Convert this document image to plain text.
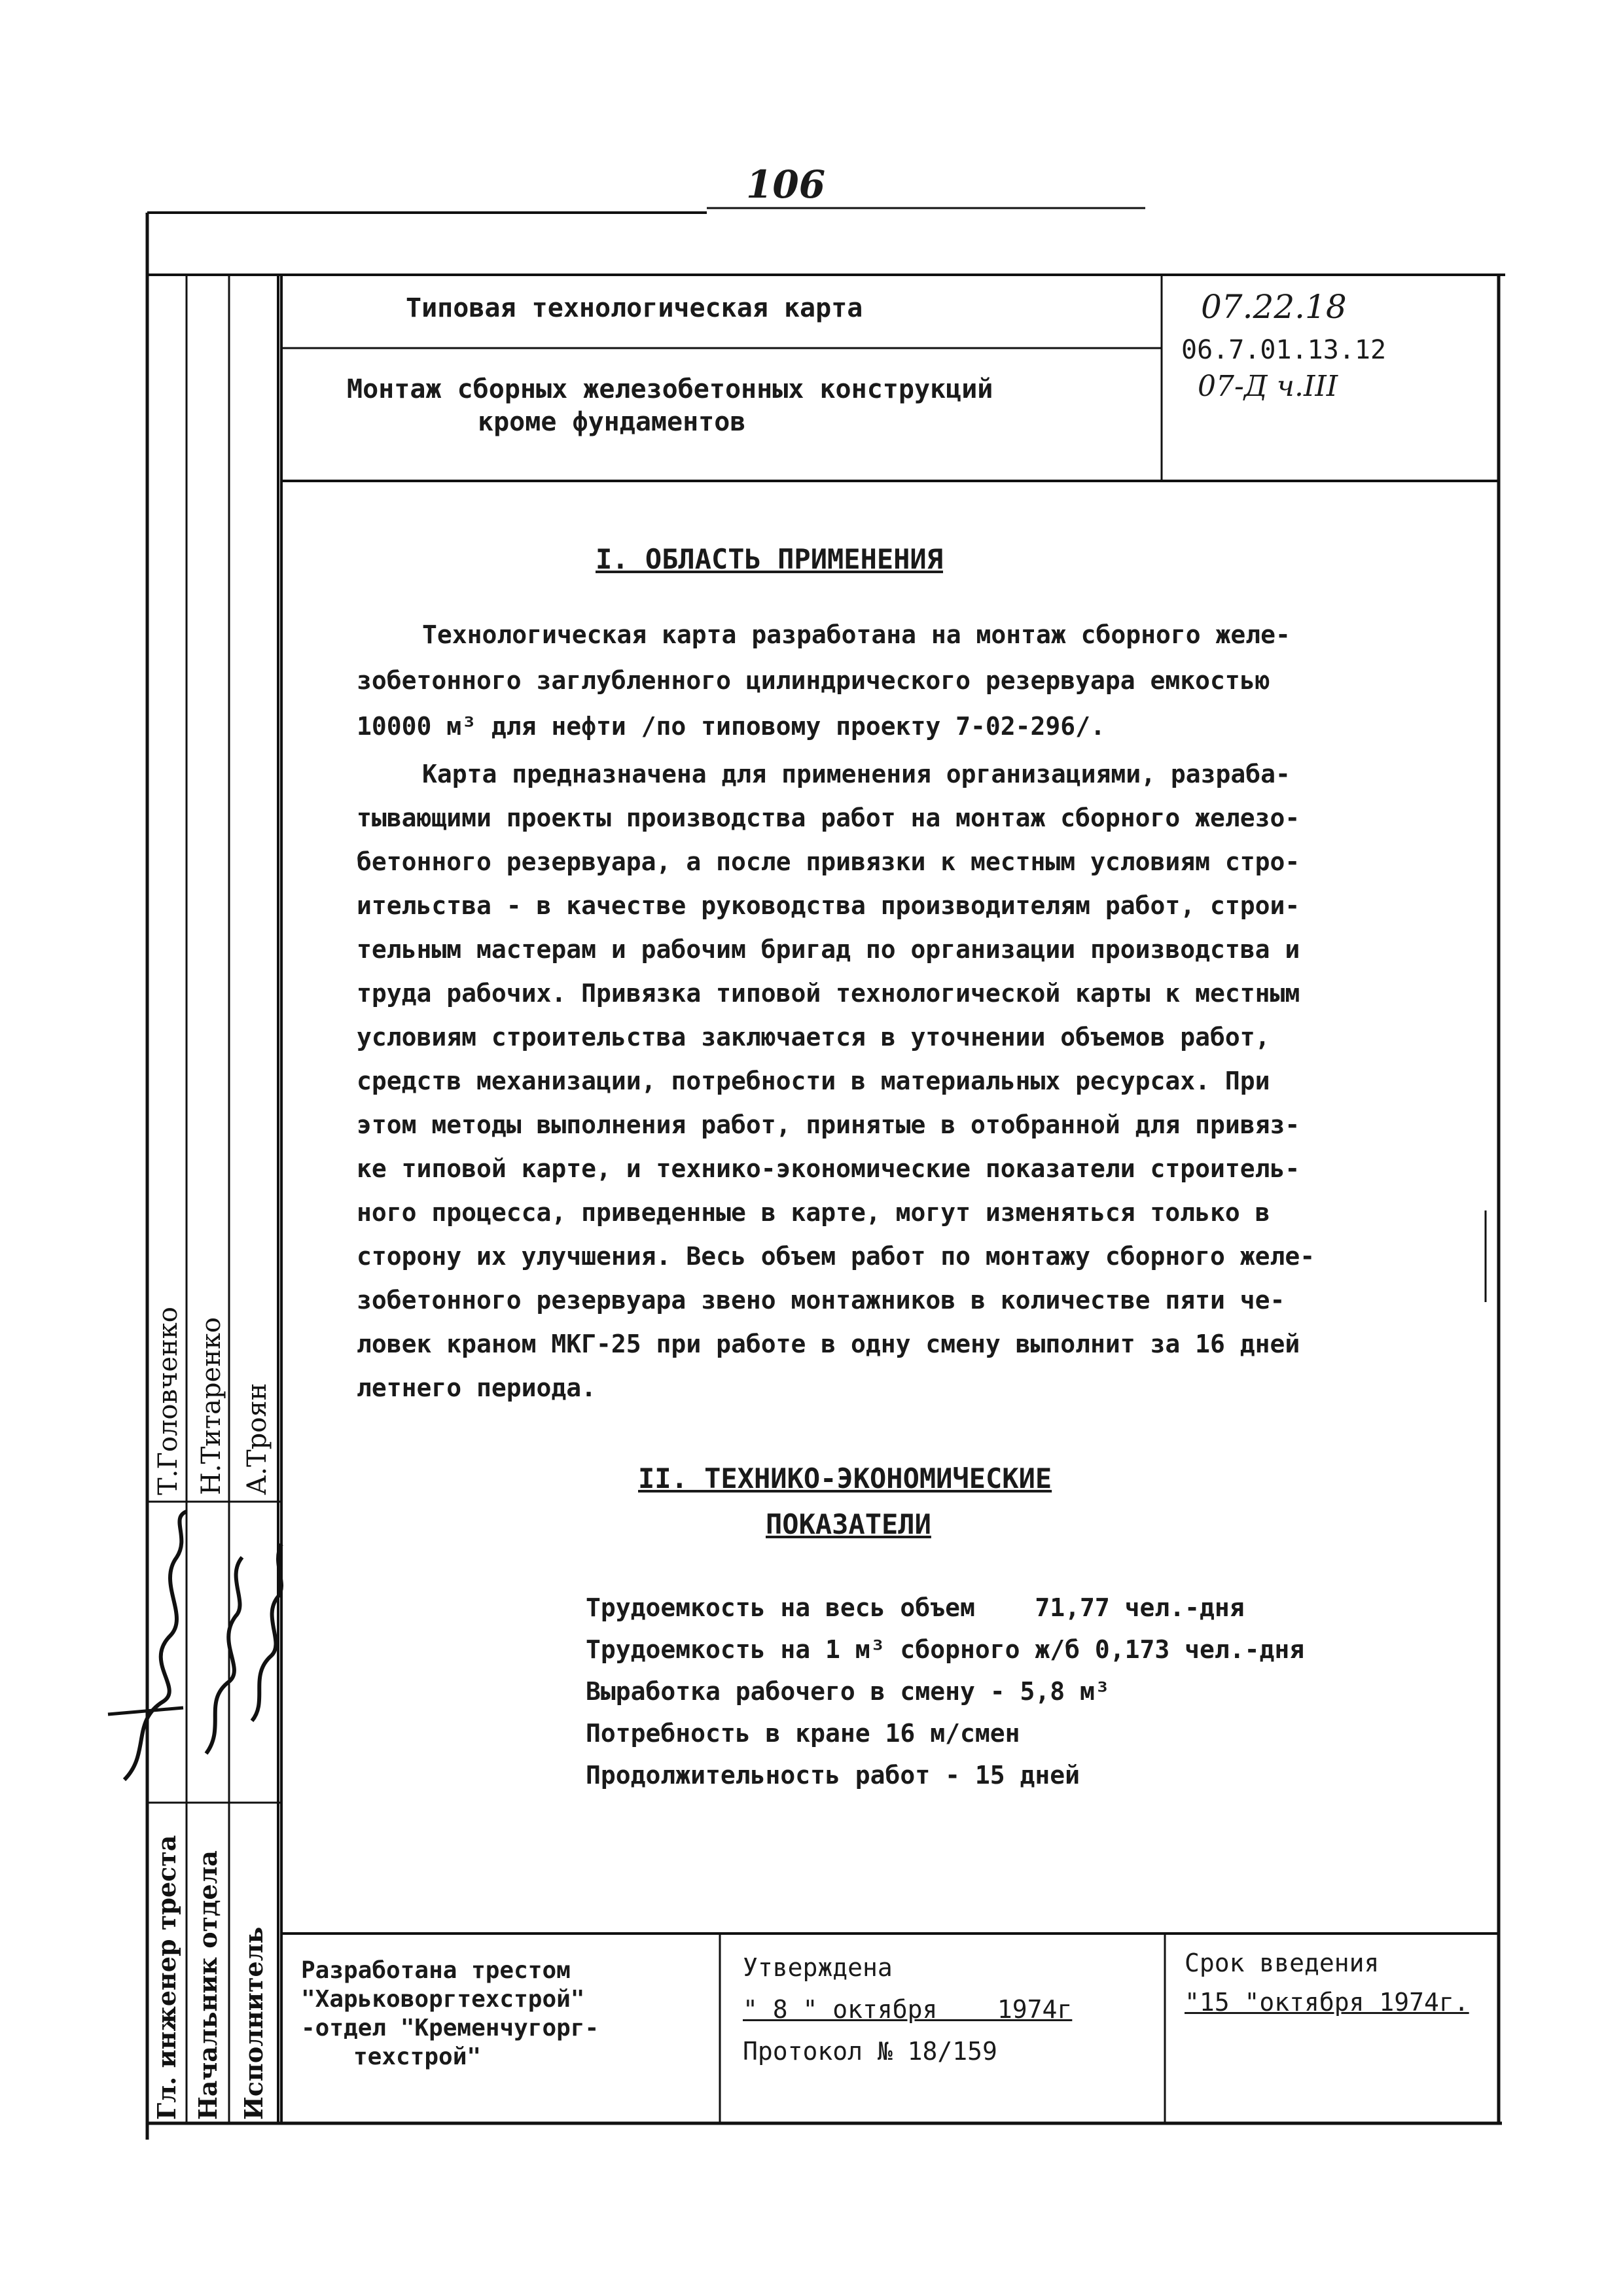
106
Типовая технологическая карта
Монтаж сборных железобетонных конструкций
кроме фундаментов
07.22.18
06.7.01.13.12
07-Д ч.III
I. ОБЛАСТЬ ПРИМЕНЕНИЯ
Технологическая карта разработана на монтаж сборного желе-
зобетонного заглубленного цилиндрического резервуара емкостью
10000 м³ для нефти /по типовому проекту 7-02-296/.
Карта предназначена для применения организациями, разраба-
тывающими проекты производства работ на монтаж сборного железо-
бетонного резервуара, а после привязки к местным условиям стро-
ительства - в качестве руководства производителям работ, строи-
тельным мастерам и рабочим бригад по организации производства и
труда рабочих. Привязка типовой технологической карты к местным
условиям строительства заключается в уточнении объемов работ,
средств механизации, потребности в материальных ресурсах. При
этом методы выполнения работ, принятые в отобранной для привяз-
ке типовой карте, и технико-экономические показатели строитель-
ного процесса, приведенные в карте, могут изменяться только в
сторону их улучшения. Весь объем работ по монтажу сборного желе-
зобетонного резервуара звено монтажников в количестве пяти че-
ловек краном МКГ-25 при работе в одну смену выполнит за 16 дней
летнего периода.
II. ТЕХНИКО-ЭКОНОМИЧЕСКИЕ
ПОКАЗАТЕЛИ
Трудоемкость на весь объем    71,77 чел.-дня
Трудоемкость на 1 м³ сборного ж/б 0,173 чел.-дня
Выработка рабочего в смену - 5,8 м³
Потребность в кране 16 м/смен
Продолжительность работ - 15 дней
Разработана трестом
"Харьковоргтехстрой"
-отдел "Кременчугорг-
техстрой"
Утверждена
" 8 " октября    1974г
Протокол № 18/159
Срок введения
"15 "октября 1974г.
Гл. инженер треста Начальник отдела Исполнитель
Т.Головченко Н.Титаренко А.Троян
